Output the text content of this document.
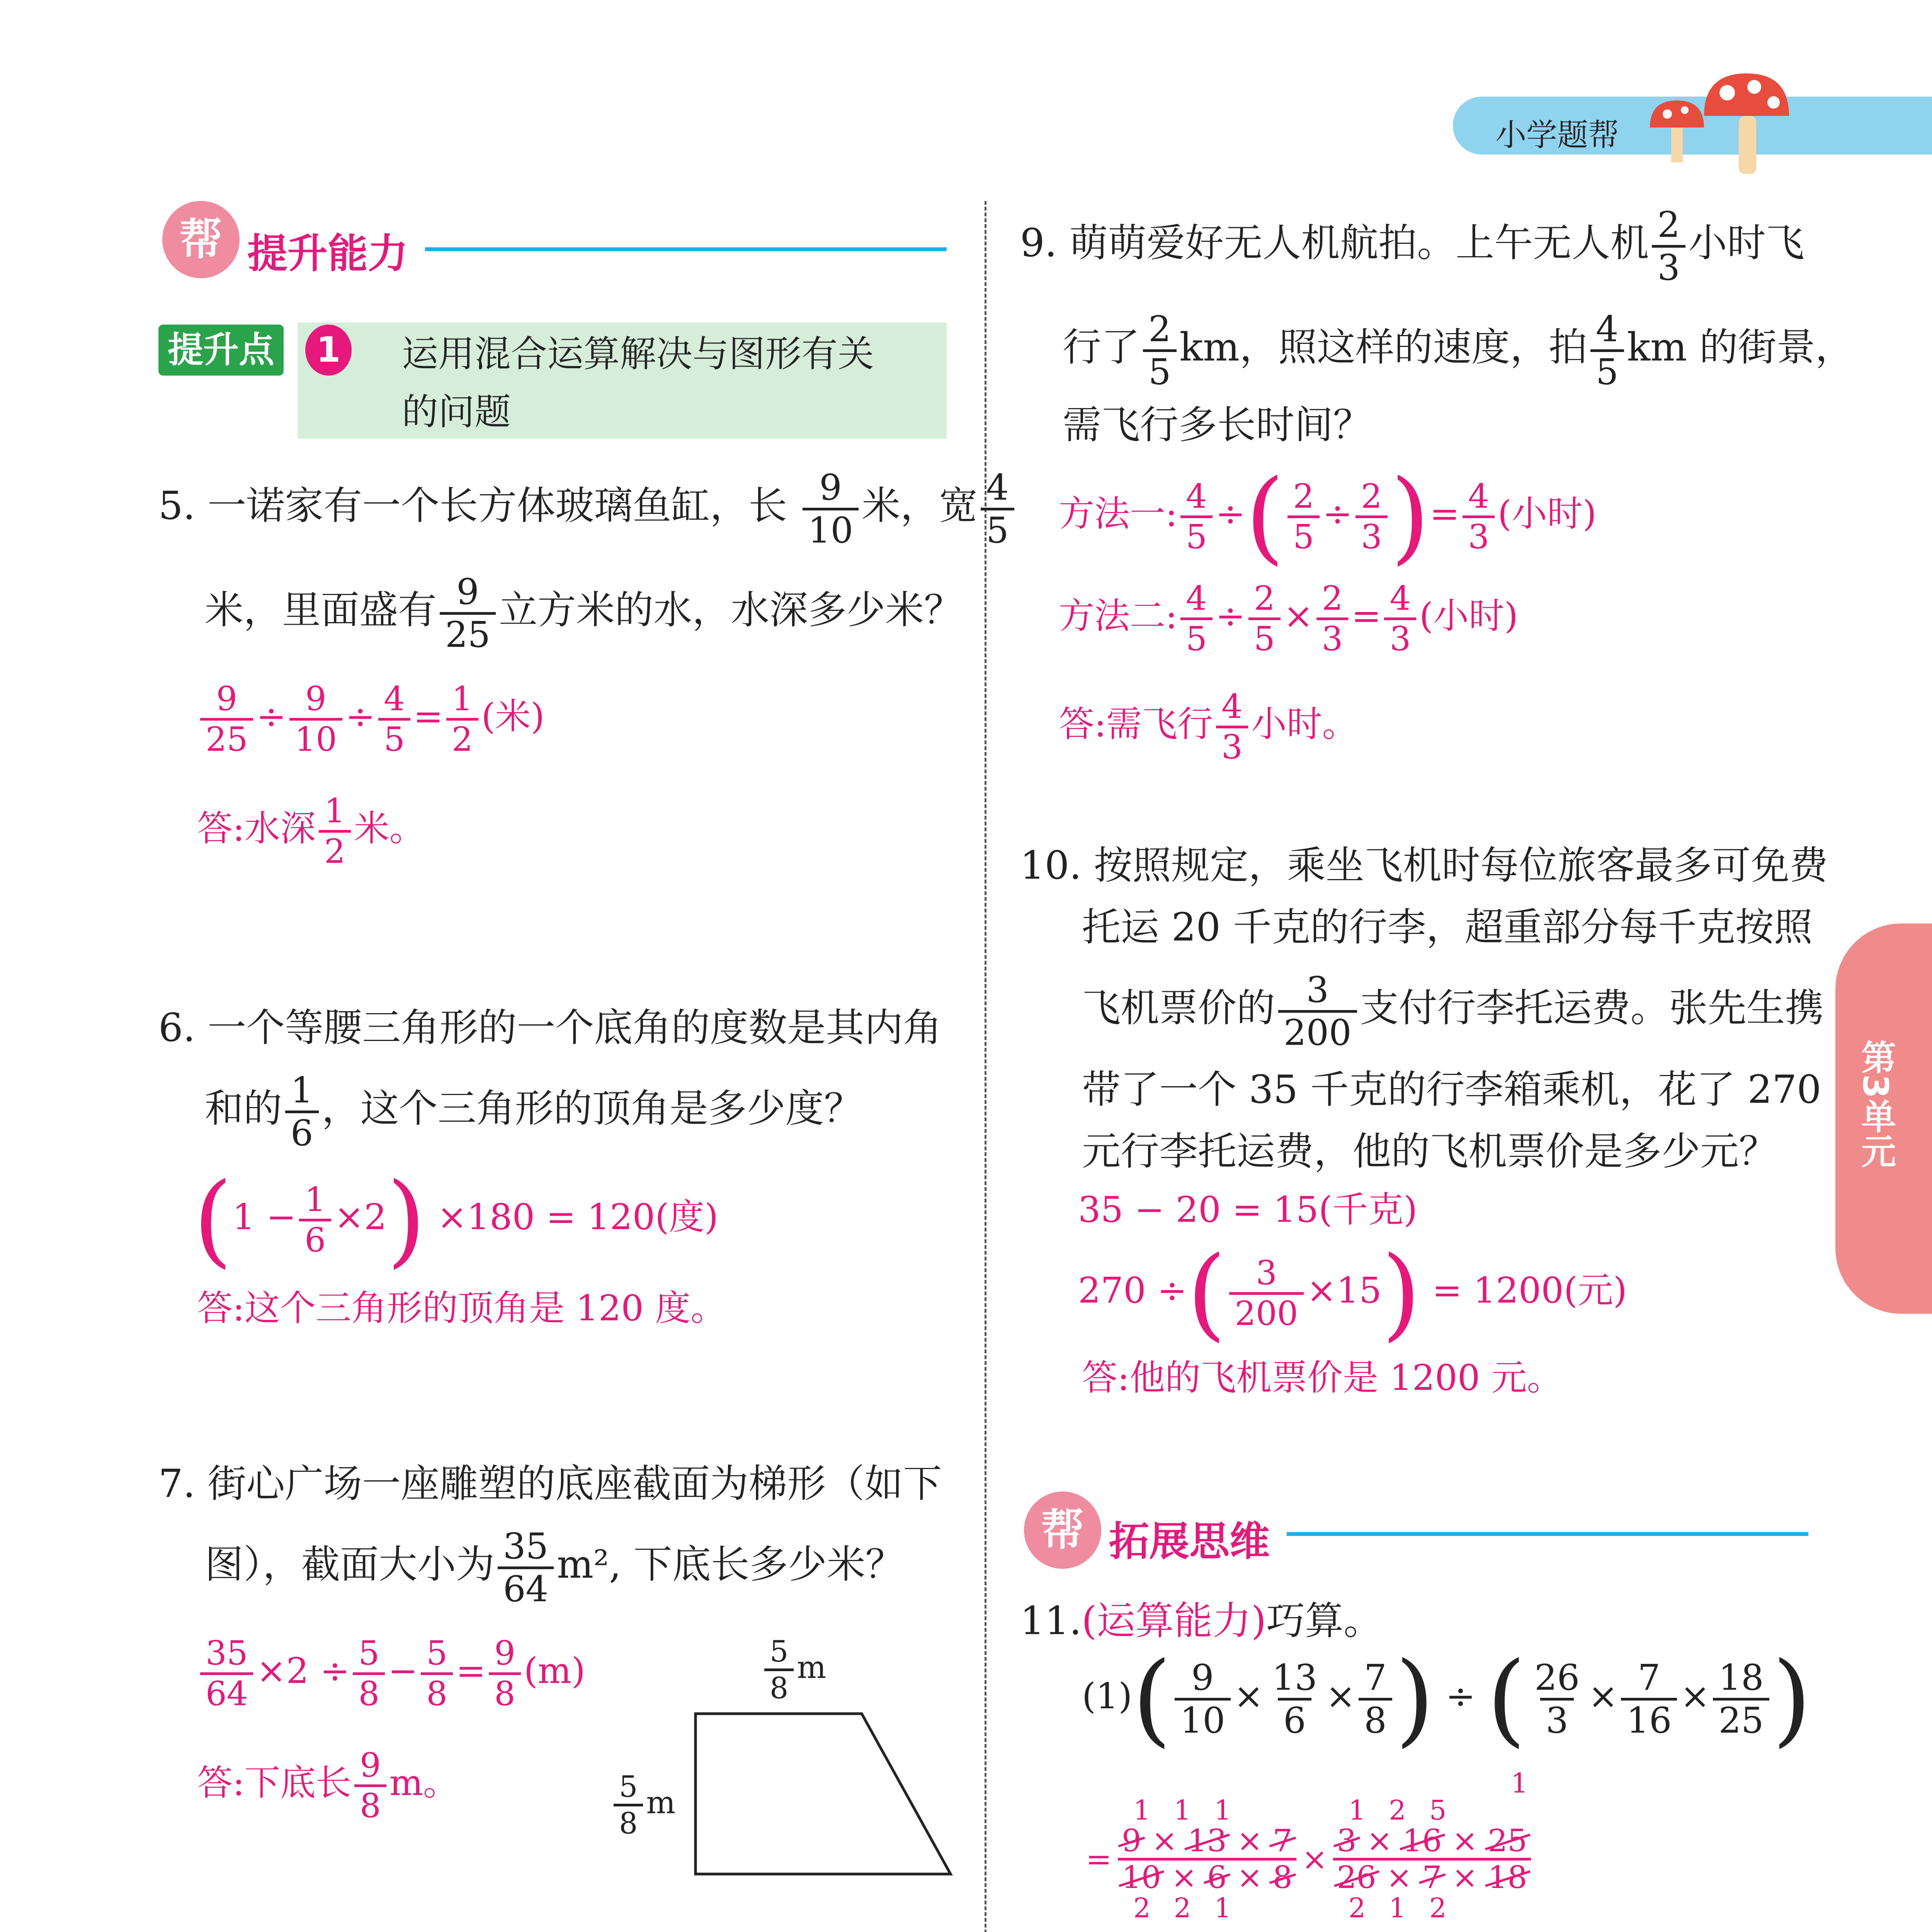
小学题帮
第3单元
帮 提升能力
提升点	1	运用混合运算解决与图形有关
的问题
5. 一诺家有一个长方体玻璃鱼缸，长 $\frac{9}{10}$ 米，宽 $\frac{4}{5}$
米，里面盛有 $\frac{9}{25}$ 立方米的水，水深多少米？
$\frac{9}{25} \div \frac{9}{10} \div \frac{4}{5} = \frac{1}{2}$ (米)
答:水深 $\frac{1}{2}$ 米。
6. 一个等腰三角形的一个底角的度数是其内角
和的 $\frac{1}{6}$ ，这个三角形的顶角是多少度？
$(1 - \frac{1}{6} \times 2) \times 180 = 120$(度)
答:这个三角形的顶角是 120 度。
7. 街心广场一座雕塑的底座截面为梯形（如下
图），截面大小为 $\frac{35}{64} m^2$, 下底长多少米？
$\frac{35}{64} \times 2 \div \frac{5}{8} - \frac{5}{8} = \frac{9}{8} (m)$
答:下底长 $\frac{9}{8}$ m。
$\frac{5}{8}$ m
$\frac{5}{8}$ m
9. 萌萌爱好无人机航拍。上午无人机 $\frac{2}{3}$ 小时飞
行了 $\frac{2}{5}$ km，照这样的速度，拍 $\frac{4}{5}$ km 的街景，
需飞行多长时间？
方法一: $\frac{4}{5}$ ÷( $\frac{2}{5} \div \frac{2}{3}$ )= $\frac{4}{3}$ (小时)
方法二: $\frac{4}{5} \div \frac{2}{5} \times \frac{2}{3} = \frac{4}{3}$ (小时)
答:需飞行 $\frac{4}{3}$ 小时。
10. 按照规定，乘坐飞机时每位旅客最多可免费
托运 20 千克的行李，超重部分每千克按照
飞机票价的 $\frac{3}{200}$ 支付行李托运费。张先生携
带了一个 35 千克的行李箱乘机，花了 270
元行李托运费，他的飞机票价是多少元？
35 − 20 = 15(千克)
270 ÷( $\frac{3}{200} \times 15) = 1200$(元)
答:他的飞机票价是 1200 元。
帮 拓展思维
11.(运算能力)巧算。
$(1)( \frac{9}{10} \times \frac{13}{6} \times \frac{7}{8}$ ) ÷ ( $\frac{26}{3} \times \frac{7}{16} \times \frac{18}{25}$ )
=
1 1 1
9 × 13 × 7
10 × 6 × 8
2 2 1
×
1 2 5
3 × 16 × 25
26 × 7 × 18
2 1 2
1
